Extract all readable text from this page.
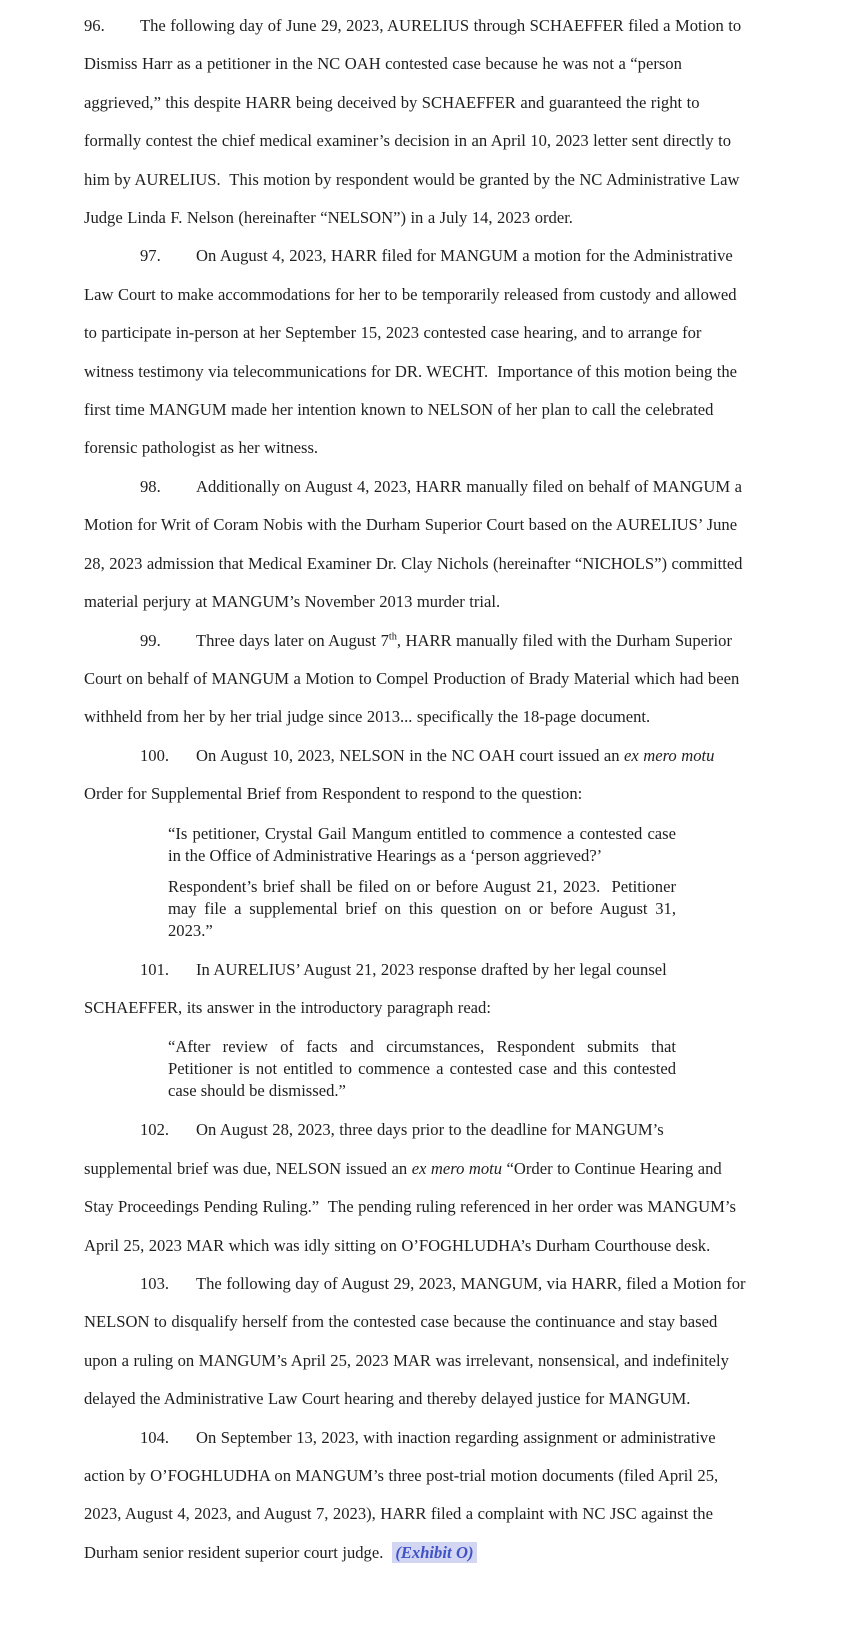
96. The following day of June 29, 2023, AURELIUS through SCHAEFFER filed a Motion to Dismiss Harr as a petitioner in the NC OAH contested case because he was not a “person aggrieved,” this despite HARR being deceived by SCHAEFFER and guaranteed the right to formally contest the chief medical examiner’s decision in an April 10, 2023 letter sent directly to him by AURELIUS.  This motion by respondent would be granted by the NC Administrative Law Judge Linda F. Nelson (hereinafter “NELSON”) in a July 14, 2023 order.

97. On August 4, 2023, HARR filed for MANGUM a motion for the Administrative Law Court to make accommodations for her to be temporarily released from custody and allowed to participate in-person at her September 15, 2023 contested case hearing, and to arrange for witness testimony via telecommunications for DR. WECHT.  Importance of this motion being the first time MANGUM made her intention known to NELSON of her plan to call the celebrated forensic pathologist as her witness.

98. Additionally on August 4, 2023, HARR manually filed on behalf of MANGUM a Motion for Writ of Coram Nobis with the Durham Superior Court based on the AURELIUS’ June 28, 2023 admission that Medical Examiner Dr. Clay Nichols (hereinafter “NICHOLS”) committed material perjury at MANGUM’s November 2013 murder trial.

99. Three days later on August 7th, HARR manually filed with the Durham Superior Court on behalf of MANGUM a Motion to Compel Production of Brady Material which had been withheld from her by her trial judge since 2013... specifically the 18-page document.

100. On August 10, 2023, NELSON in the NC OAH court issued an ex mero motu Order for Supplemental Brief from Respondent to respond to the question:

“Is petitioner, Crystal Gail Mangum entitled to commence a contested case in the Office of Administrative Hearings as a ‘person aggrieved?’

Respondent’s brief shall be filed on or before August 21, 2023.  Petitioner may file a supplemental brief on this question on or before August 31, 2023.”

101. In AURELIUS’ August 21, 2023 response drafted by her legal counsel SCHAEFFER, its answer in the introductory paragraph read:

“After review of facts and circumstances, Respondent submits that Petitioner is not entitled to commence a contested case and this contested case should be dismissed.”

102. On August 28, 2023, three days prior to the deadline for MANGUM’s supplemental brief was due, NELSON issued an ex mero motu “Order to Continue Hearing and Stay Proceedings Pending Ruling.”  The pending ruling referenced in her order was MANGUM’s April 25, 2023 MAR which was idly sitting on O’FOGHLUDHA’s Durham Courthouse desk.

103. The following day of August 29, 2023, MANGUM, via HARR, filed a Motion for NELSON to disqualify herself from the contested case because the continuance and stay based upon a ruling on MANGUM’s April 25, 2023 MAR was irrelevant, nonsensical, and indefinitely delayed the Administrative Law Court hearing and thereby delayed justice for MANGUM.

104. On September 13, 2023, with inaction regarding assignment or administrative action by O’FOGHLUDHA on MANGUM’s three post-trial motion documents (filed April 25, 2023, August 4, 2023, and August 7, 2023), HARR filed a complaint with NC JSC against the Durham senior resident superior court judge.  (Exhibit O)
